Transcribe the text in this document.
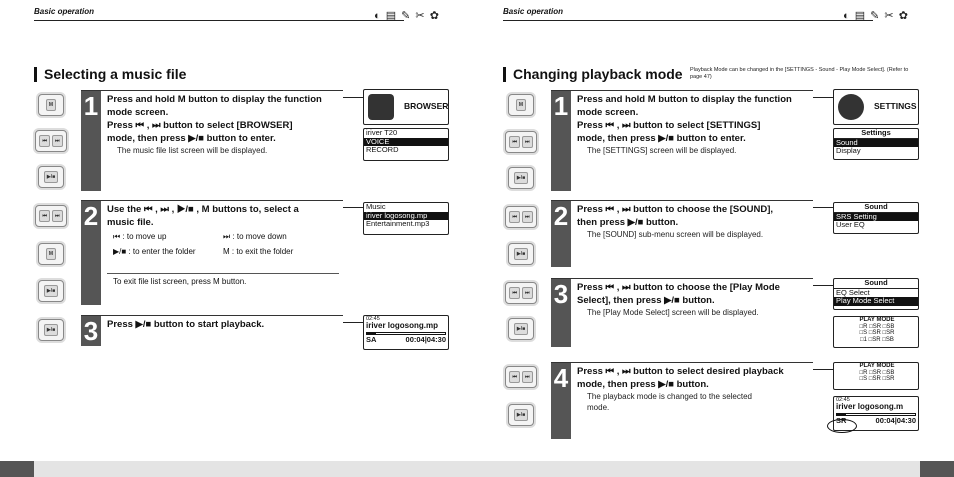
Basic operation	◐ ▤ ✎ ✂ ✿
Selecting a music file
M
⏮	⏭
▶/■
1 Press and hold M button to display the function
mode screen.
Press ⏮ , ⏭ button to select [BROWSER]
mode, then press ▶/■ button to enter.
The music file list screen will be displayed.
BROWSER
iriver T20
VOICE
RECORD
⏮	⏭
M
▶/■
2 Use the ⏮ , ⏭ , ▶/■ , M buttons to, select a
music file.
⏮ : to move up	⏭ : to move down
▶/■ : to enter the folder	M : to exit the folder
To exit file list screen, press M button.
Music
iriver logosong.mp
Entertainment.mp3
▶/■ 3 Press ▶/■ button to start playback.	02:45
iriver logosong.mp
SA	00:04|04:30
Basic operation	◐ ▤ ✎ ✂ ✿
Changing playback mode Playback Mode can be changed in the [SETTINGS - Sound - Play Mode Select]. (Refer to page 47)
M
⏮	⏭
▶/■
1 Press and hold M button to display the function
mode screen.
Press ⏮ , ⏭ button to select [SETTINGS]
mode, then press ▶/■ button to enter.
The [SETTINGS] screen will be displayed.
SETTINGS
Settings
Sound
Display
⏮	⏭
▶/■
2 Press ⏮ , ⏭ button to choose the [SOUND],
then press ▶/■ button.
The [SOUND] sub-menu screen will be displayed.
Sound
SRS Setting
User EQ
⏮	⏭
▶/■
3 Press ⏮ , ⏭ button to choose the [Play Mode
Select], then press ▶/■ button.
The [Play Mode Select] screen will be displayed.
Sound
EQ Select
Play Mode Select
PLAY MODE
□R □SR □SB
□S □SR □SR
□1 □SR □SB
⏮	⏭
▶/■
4 Press ⏮ , ⏭ button to select desired playback
mode, then press ▶/■ button.
The playback mode is changed to the selected
mode.
PLAY MODE
□R □SR □SB
□S □SR □SR
02:45
iriver logosong.m
SR	00:04|04:30
